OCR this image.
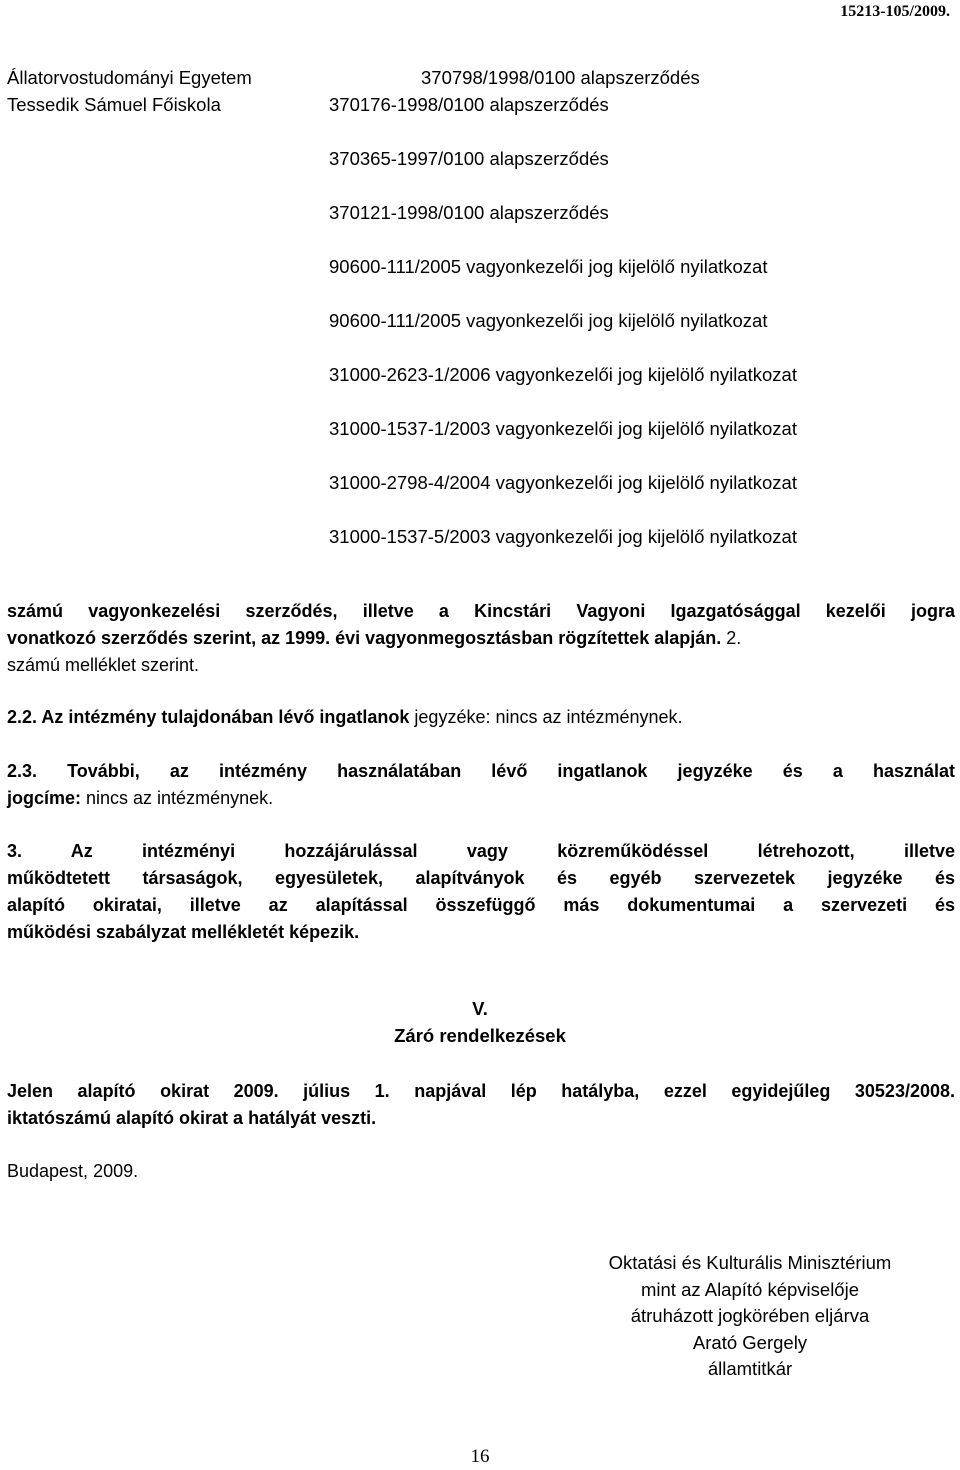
15213-105/2009.
Állatorvostudományi Egyetem	370798/1998/0100 alapszerződés
Tessedik Sámuel Főiskola	370176-1998/0100 alapszerződés
370365-1997/0100 alapszerződés
370121-1998/0100 alapszerződés
90600-111/2005 vagyonkezelői jog kijelölő nyilatkozat
90600-111/2005 vagyonkezelői jog kijelölő nyilatkozat
31000-2623-1/2006 vagyonkezelői jog kijelölő nyilatkozat
31000-1537-1/2003 vagyonkezelői jog kijelölő nyilatkozat
31000-2798-4/2004 vagyonkezelői jog kijelölő nyilatkozat
31000-1537-5/2003 vagyonkezelői jog kijelölő nyilatkozat
számú vagyonkezelési szerződés, illetve a Kincstári Vagyoni Igazgatósággal kezelői jogra
vonatkozó szerződés szerint, az 1999. évi vagyonmegosztásban rögzítettek alapján. 2.
számú melléklet szerint.
2.2. Az intézmény tulajdonában lévő ingatlanok jegyzéke: nincs az intézménynek.
2.3. További, az intézmény használatában lévő ingatlanok jegyzéke és a használat
jogcíme: nincs az intézménynek.
3. Az intézményi hozzájárulással vagy közreműködéssel létrehozott, illetve
működtetett társaságok, egyesületek, alapítványok és egyéb szervezetek jegyzéke és
alapító okiratai, illetve az alapítással összefüggő más dokumentumai a szervezeti és
működési szabályzat mellékletét képezik.
V.
Záró rendelkezések
Jelen alapító okirat 2009. július 1. napjával lép hatályba, ezzel egyidejűleg 30523/2008.
iktatószámú alapító okirat a hatályát veszti.
Budapest, 2009.
Oktatási és Kulturális Minisztérium
mint az Alapító képviselője
átruházott jogkörében eljárva
Arató Gergely
államtitkár
16
